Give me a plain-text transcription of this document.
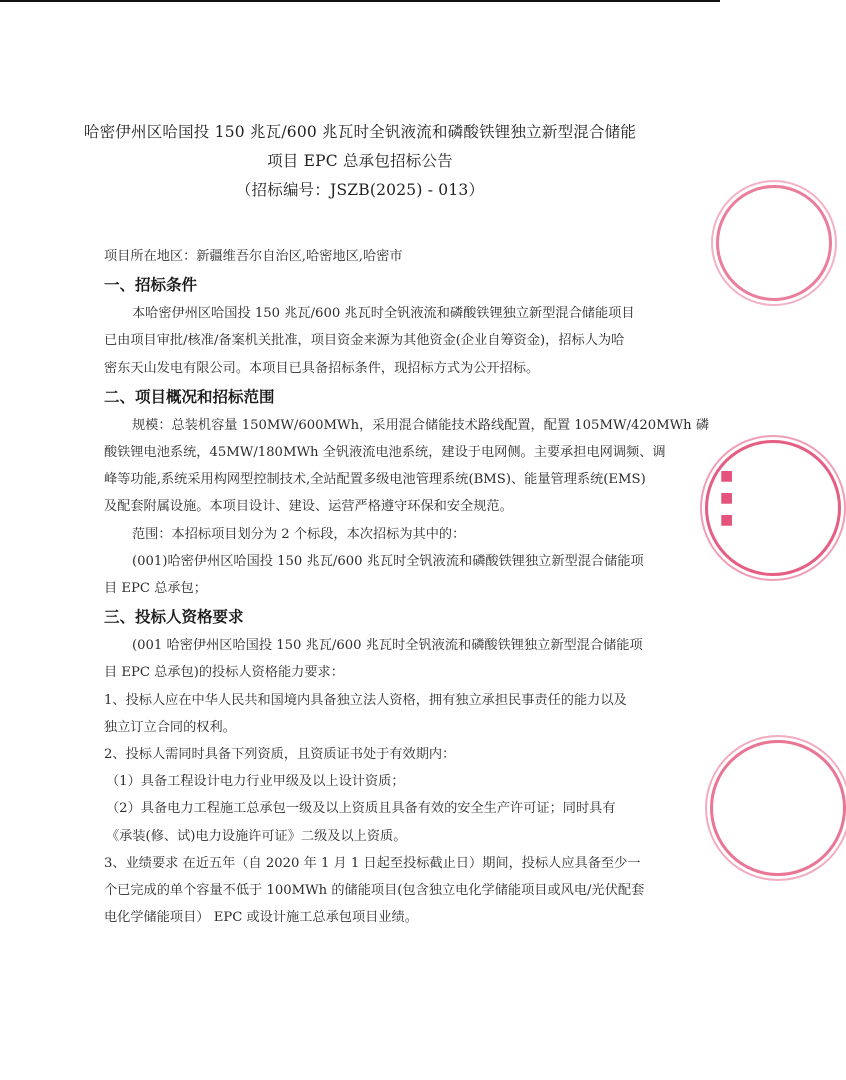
哈密伊州区哈国投 150 兆瓦/600 兆瓦时全钒液流和磷酸铁锂独立新型混合储能
项目 EPC 总承包招标公告
（招标编号：JSZB(2025) - 013）
项目所在地区：新疆维吾尔自治区,哈密地区,哈密市
一、招标条件
本哈密伊州区哈国投 150 兆瓦/600 兆瓦时全钒液流和磷酸铁锂独立新型混合储能项目
已由项目审批/核准/备案机关批准，项目资金来源为其他资金(企业自筹资金)，招标人为哈
密东天山发电有限公司。本项目已具备招标条件，现招标方式为公开招标。
二、项目概况和招标范围
规模：总装机容量 150MW/600MWh，采用混合储能技术路线配置，配置 105MW/420MWh 磷
酸铁锂电池系统，45MW/180MWh 全钒液流电池系统，建设于电网侧。主要承担电网调频、调
峰等功能,系统采用构网型控制技术,全站配置多级电池管理系统(BMS)、能量管理系统(EMS)
及配套附属设施。本项目设计、建设、运营严格遵守环保和安全规范。
范围：本招标项目划分为 2 个标段，本次招标为其中的：
(001)哈密伊州区哈国投 150 兆瓦/600 兆瓦时全钒液流和磷酸铁锂独立新型混合储能项
目 EPC 总承包；
三、投标人资格要求
(001 哈密伊州区哈国投 150 兆瓦/600 兆瓦时全钒液流和磷酸铁锂独立新型混合储能项
目 EPC 总承包)的投标人资格能力要求：
1、投标人应在中华人民共和国境内具备独立法人资格，拥有独立承担民事责任的能力以及
独立订立合同的权利。
2、投标人需同时具备下列资质，且资质证书处于有效期内：
（1）具备工程设计电力行业甲级及以上设计资质；
（2）具备电力工程施工总承包一级及以上资质且具备有效的安全生产许可证；同时具有
《承装(修、试)电力设施许可证》二级及以上资质。
3、业绩要求 在近五年（自 2020 年 1 月 1 日起至投标截止日）期间，投标人应具备至少一
个已完成的单个容量不低于 100MWh 的储能项目(包含独立电化学储能项目或风电/光伏配套
电化学储能项目） EPC 或设计施工总承包项目业绩。
■
■
■
